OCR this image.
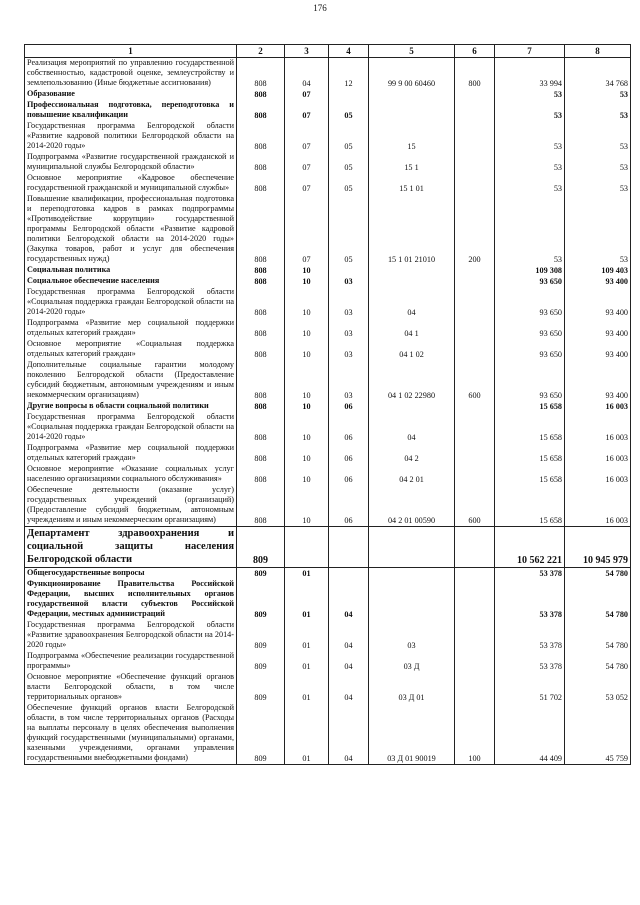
176
1	2	3	4	5	6	7	8
Реализация мероприятий по управлению государственной собственностью, кадастровой оценке, землеустройству и землепользованию (Иные бюджетные ассигнования)	808	04	12	99 9 00 60460	800	33 994	34 768
Образование	808	07				53	53
Профессиональная подготовка, переподготовка и повышение квалификации	808	07	05			53	53
Государственная программа Белгородской области «Развитие кадровой политики Белгородской области на 2014-2020 годы»	808	07	05	15		53	53
Подпрограмма «Развитие государственной гражданской и муниципальной службы Белгородской области»	808	07	05	15 1		53	53
Основное мероприятие «Кадровое обеспечение государственной гражданской и муниципальной службы»	808	07	05	15 1 01		53	53
Повышение квалификации, профессиональная подготовка и переподготовка кадров в рамках подпрограммы «Противодействие коррупции» государственной программы Белгородской области «Развитие кадровой политики Белгородской области на 2014-2020 годы» (Закупка товаров, работ и услуг для обеспечения государственных нужд)	808	07	05	15 1 01 21010	200	53	53
Социальная политика	808	10				109 308	109 403
Социальное обеспечение населения	808	10	03			93 650	93 400
Государственная программа Белгородской области «Социальная поддержка граждан Белгородской области на 2014-2020 годы»	808	10	03	04		93 650	93 400
Подпрограмма «Развитие мер социальной поддержки отдельных категорий граждан»	808	10	03	04 1		93 650	93 400
Основное мероприятие «Социальная поддержка отдельных категорий граждан»	808	10	03	04 1 02		93 650	93 400
Дополнительные социальные гарантии молодому поколению Белгородской области (Предоставление субсидий бюджетным, автономным учреждениям и иным некоммерческим организациям)	808	10	03	04 1 02 22980	600	93 650	93 400
Другие вопросы в области социальной политики	808	10	06			15 658	16 003
Государственная программа Белгородской области «Социальная поддержка граждан Белгородской области на 2014-2020 годы»	808	10	06	04		15 658	16 003
Подпрограмма «Развитие мер социальной поддержки отдельных категорий граждан»	808	10	06	04 2		15 658	16 003
Основное мероприятие «Оказание социальных услуг населению организациями социального обслуживания»	808	10	06	04 2 01		15 658	16 003
Обеспечение деятельности (оказание услуг) государственных учреждений (организаций) (Предоставление субсидий бюджетным, автономным учреждениям и иным некоммерческим организациям)	808	10	06	04 2 01 00590	600	15 658	16 003
Департамент здравоохранения и социальной защиты населения Белгородской области	809					10 562 221	10 945 979
Общегосударственные вопросы	809	01				53 378	54 780
Функционирование Правительства Российской Федерации, высших исполнительных органов государственной власти субъектов Российской Федерации, местных администраций	809	01	04			53 378	54 780
Государственная программа Белгородской области «Развитие здравоохранения Белгородской области на 2014-2020 годы»	809	01	04	03		53 378	54 780
Подпрограмма «Обеспечение реализации государственной программы»	809	01	04	03 Д		53 378	54 780
Основное мероприятие «Обеспечение функций органов власти Белгородской области, в том числе территориальных органов»	809	01	04	03 Д 01		51 702	53 052
Обеспечение функций органов власти Белгородской области, в том числе территориальных органов (Расходы на выплаты персоналу в целях обеспечения выполнения функций государственными (муниципальными) органами, казенными учреждениями, органами управления государственными внебюджетными фондами)	809	01	04	03 Д 01 90019	100	44 409	45 759
